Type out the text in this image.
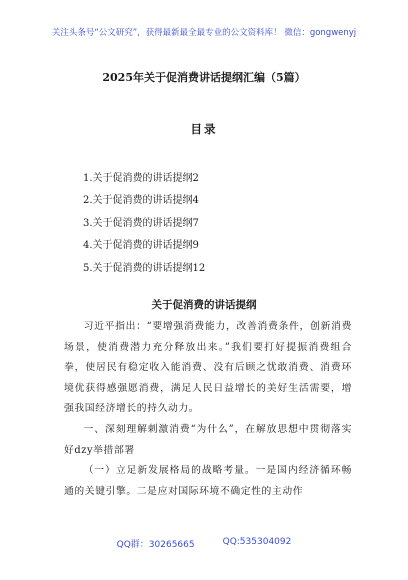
关注头条号“公文研究”，获得最新最全最专业的公文资料库！ 微信：gongwenyj
2025年关于促消费讲话提纲汇编（5篇）
目录
1.关于促消费的讲话提纲2
2.关于促消费的讲话提纲4
3.关于促消费的讲话提纲7
4.关于促消费的讲话提纲9
5.关于促消费的讲话提纲12
关于促消费的讲话提纲

习近平指出：“要增强消费能力，改善消费条件，创新消费场景，使消费潜力充分释放出来。”我们要打好提振消费组合拳，使居民有稳定收入能消费、没有后顾之忧敢消费、消费环境优获得感强愿消费，满足人民日益增长的美好生活需要，增强我国经济增长的持久动力。

一、深刻理解刺激消费“为什么”，在解放思想中贯彻落实好dzy举措部署

（一）立足新发展格局的战略考量。一是国内经济循环畅通的关键引擎。二是应对国际环境不确定性的主动作

QQ群：30265665	QQ:535304092
